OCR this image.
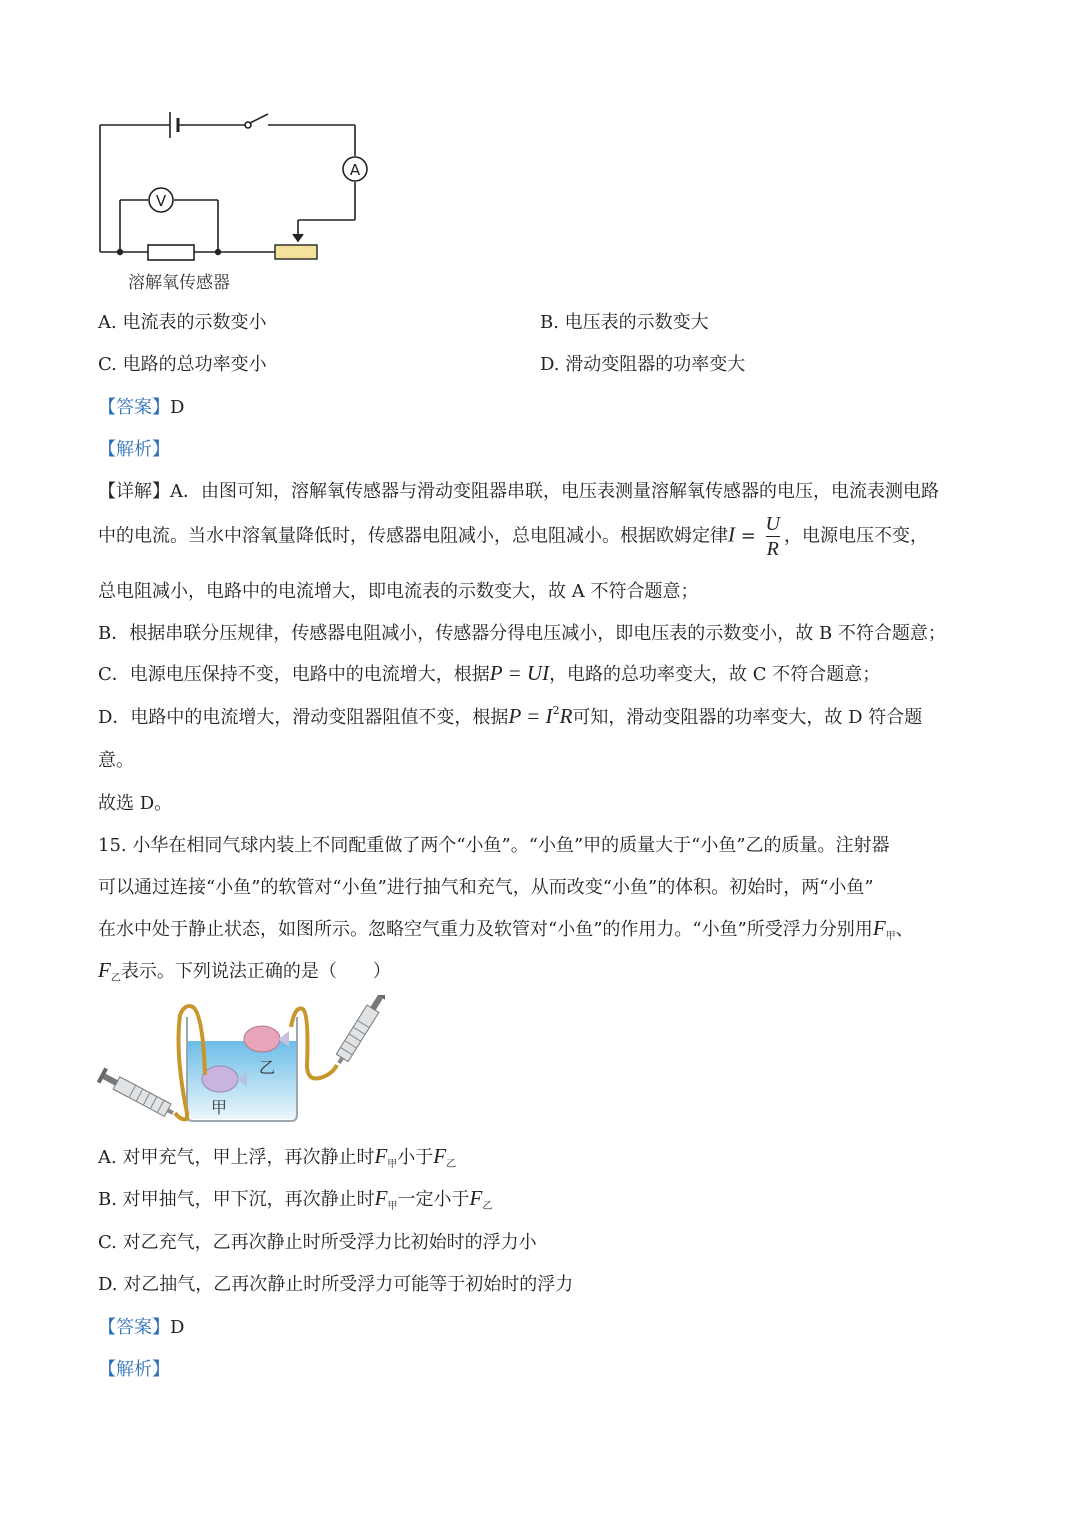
V
A
溶解氧传感器
A. 电流表的示数变小	B. 电压表的示数变大
C. 电路的总功率变小	D. 滑动变阻器的功率变大
【答案】D
【解析】
【详解】A．由图可知，溶解氧传感器与滑动变阻器串联，电压表测量溶解氧传感器的电压，电流表测电路
中的电流。当水中溶氧量降低时，传感器电阻减小，总电阻减小。根据欧姆定律$I = \frac{U}{R}$ ，电源电压不变，
总电阻减小，电路中的电流增大，即电流表的示数变大，故 A 不符合题意；
B．根据串联分压规律，传感器电阻减小，传感器分得电压减小，即电压表的示数变小，故 B 不符合题意；
C．电源电压保持不变，电路中的电流增大，根据P = UI，电路的总功率变大，故 C 不符合题意；
D．电路中的电流增大，滑动变阻器阻值不变，根据$P = I^2R$可知，滑动变阻器的功率变大，故 D 符合题
意。
故选 D。
15. 小华在相同气球内装上不同配重做了两个“小鱼”。“小鱼”甲的质量大于“小鱼”乙的质量。注射器
可以通过连接“小鱼”的软管对“小鱼”进行抽气和充气，从而改变“小鱼”的体积。初始时，两“小鱼”
在水中处于静止状态，如图所示。忽略空气重力及软管对“小鱼”的作用力。“小鱼”所受浮力分别用$F_甲$、
$F_乙$表示。下列说法正确的是（　　）
甲
乙
A. 对甲充气，甲上浮，再次静止时$F_甲$小于$F_乙$
B. 对甲抽气，甲下沉，再次静止时$F_甲$一定小于$F_乙$
C. 对乙充气，乙再次静止时所受浮力比初始时的浮力小
D. 对乙抽气，乙再次静止时所受浮力可能等于初始时的浮力
【答案】D
【解析】
